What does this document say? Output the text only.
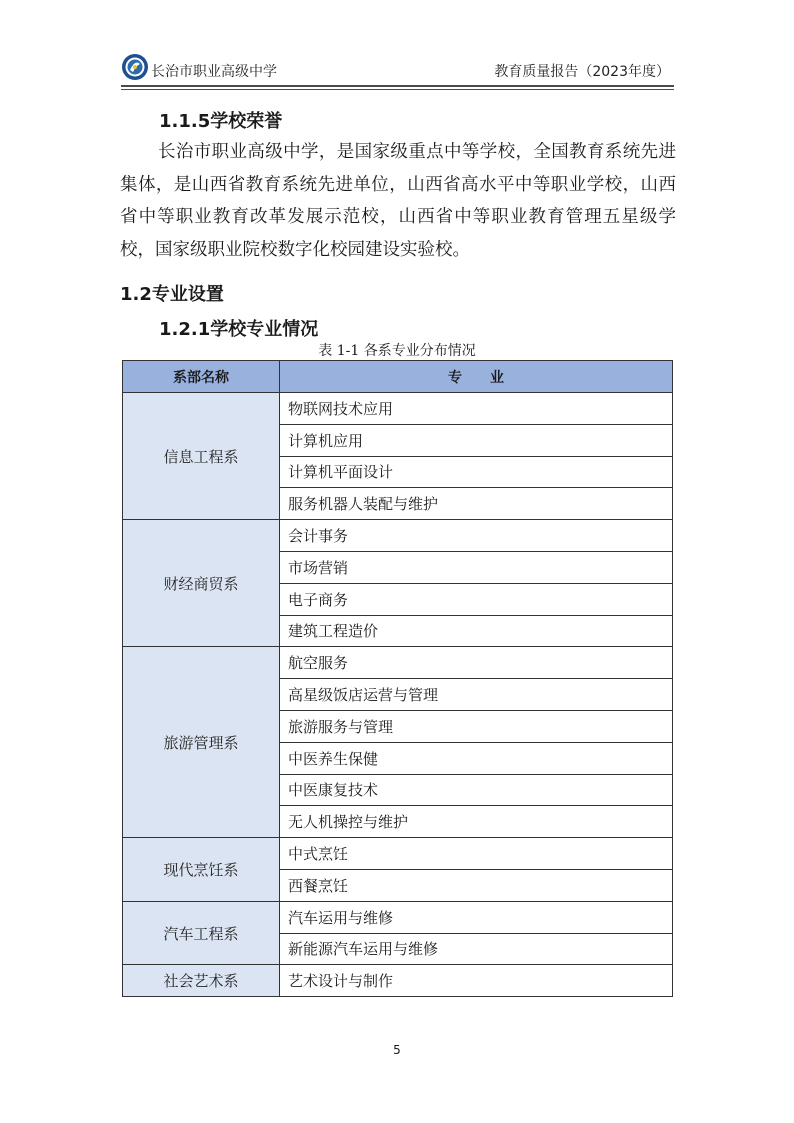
长治市职业高级中学	教育质量报告（2023年度）
1.1.5学校荣誉

长治市职业高级中学，是国家级重点中等学校，全国教育系统先进集体，是山西省教育系统先进单位，山西省高水平中等职业学校，山西省中等职业教育改革发展示范校，山西省中等职业教育管理五星级学校，国家级职业院校数字化校园建设实验校。

1.2专业设置
1.2.1学校专业情况
表 1-1 各系专业分布情况
系部名称	专　　业
信息工程系	物联网技术应用
	计算机应用
	计算机平面设计
	服务机器人装配与维护
财经商贸系	会计事务
	市场营销
	电子商务
	建筑工程造价
旅游管理系	航空服务
	高星级饭店运营与管理
	旅游服务与管理
	中医养生保健
	中医康复技术
	无人机操控与维护
现代烹饪系	中式烹饪
	西餐烹饪
汽车工程系	汽车运用与维修
	新能源汽车运用与维修
社会艺术系	艺术设计与制作
5
